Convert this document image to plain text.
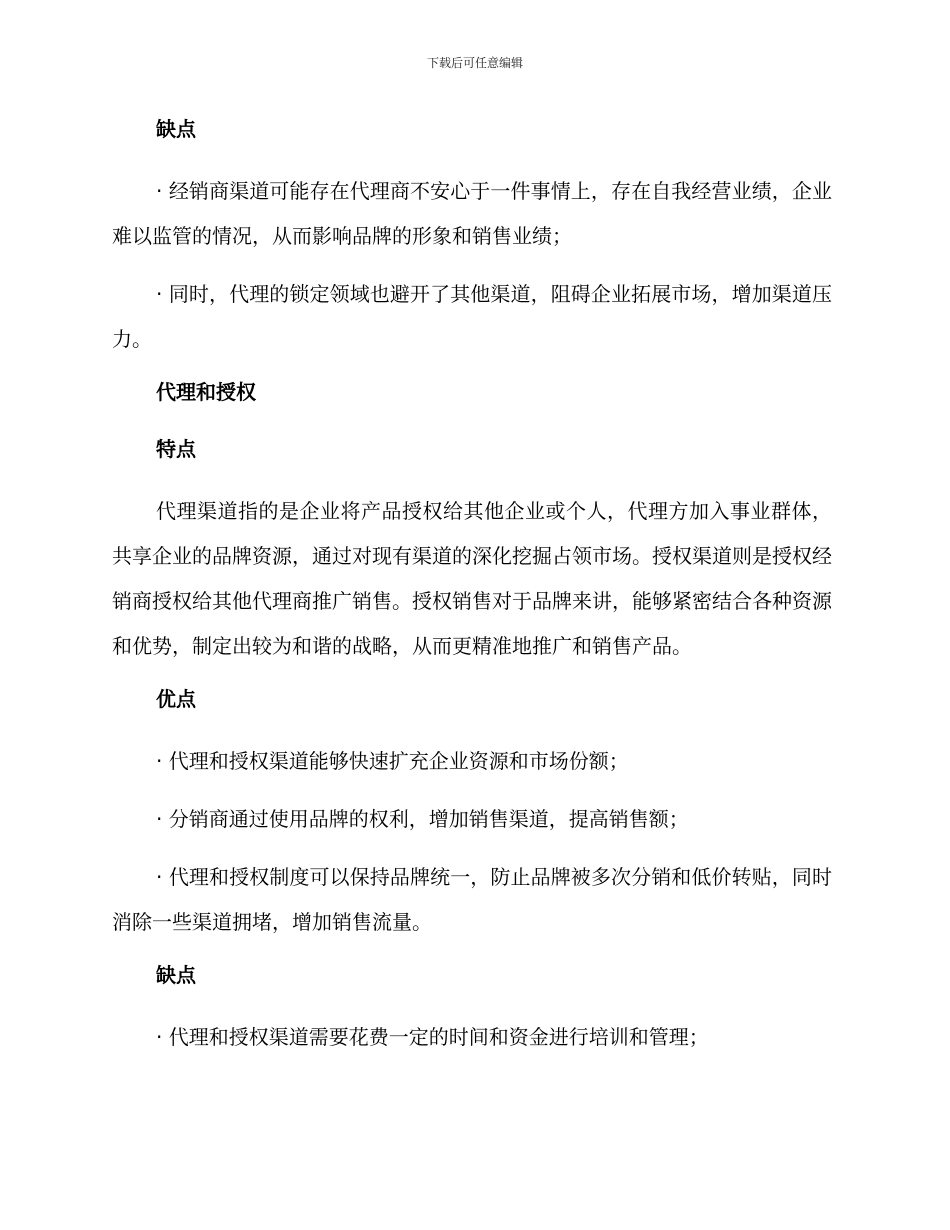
下载后可任意编辑
缺点

· 经销商渠道可能存在代理商不安心于一件事情上，存在自我经营业绩，企业难以监管的情况，从而影响品牌的形象和销售业绩；

· 同时，代理的锁定领域也避开了其他渠道，阻碍企业拓展市场，增加渠道压力。

代理和授权
特点

代理渠道指的是企业将产品授权给其他企业或个人，代理方加入事业群体，共享企业的品牌资源，通过对现有渠道的深化挖掘占领市场。授权渠道则是授权经销商授权给其他代理商推广销售。授权销售对于品牌来讲，能够紧密结合各种资源和优势，制定出较为和谐的战略，从而更精准地推广和销售产品。

优点

· 代理和授权渠道能够快速扩充企业资源和市场份额；

· 分销商通过使用品牌的权利，增加销售渠道，提高销售额；

· 代理和授权制度可以保持品牌统一，防止品牌被多次分销和低价转贴，同时消除一些渠道拥堵，增加销售流量。

缺点

· 代理和授权渠道需要花费一定的时间和资金进行培训和管理；
